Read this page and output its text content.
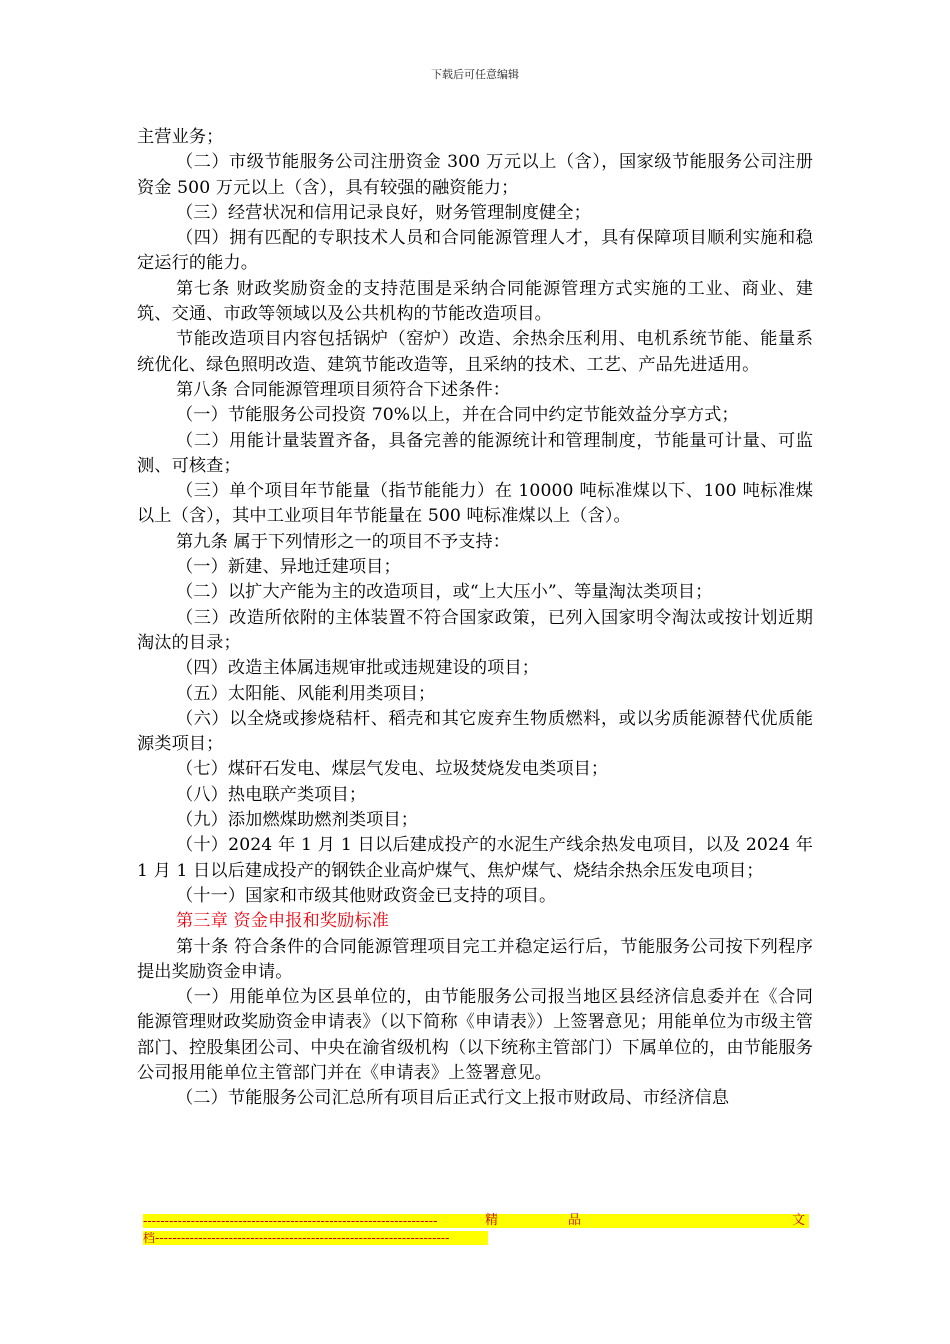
下载后可任意编辑

主营业务；

（二）市级节能服务公司注册资金 300 万元以上（含），国家级节能服务公司注册资金 500 万元以上（含），具有较强的融资能力；

（三）经营状况和信用记录良好，财务管理制度健全；

（四）拥有匹配的专职技术人员和合同能源管理人才，具有保障项目顺利实施和稳定运行的能力。

第七条 财政奖励资金的支持范围是采纳合同能源管理方式实施的工业、商业、建筑、交通、市政等领域以及公共机构的节能改造项目。

节能改造项目内容包括锅炉（窑炉）改造、余热余压利用、电机系统节能、能量系统优化、绿色照明改造、建筑节能改造等，且采纳的技术、工艺、产品先进适用。

第八条 合同能源管理项目须符合下述条件：

（一）节能服务公司投资 70%以上，并在合同中约定节能效益分享方式；

（二）用能计量装置齐备，具备完善的能源统计和管理制度，节能量可计量、可监测、可核查；

（三）单个项目年节能量（指节能能力）在 10000 吨标准煤以下、100 吨标准煤以上（含），其中工业项目年节能量在 500 吨标准煤以上（含）。

第九条 属于下列情形之一的项目不予支持：

（一）新建、异地迁建项目；

（二）以扩大产能为主的改造项目，或“上大压小”、等量淘汰类项目；

（三）改造所依附的主体装置不符合国家政策，已列入国家明令淘汰或按计划近期淘汰的目录；

（四）改造主体属违规审批或违规建设的项目；

（五）太阳能、风能利用类项目；

（六）以全烧或掺烧秸杆、稻壳和其它废弃生物质燃料，或以劣质能源替代优质能源类项目；

（七）煤矸石发电、煤层气发电、垃圾焚烧发电类项目；

（八）热电联产类项目；

（九）添加燃煤助燃剂类项目；

（十）2024 年 1 月 1 日以后建成投产的水泥生产线余热发电项目，以及 2024 年 1 月 1 日以后建成投产的钢铁企业高炉煤气、焦炉煤气、烧结余热余压发电项目；

（十一）国家和市级其他财政资金已支持的项目。

第三章 资金申报和奖励标准

第十条 符合条件的合同能源管理项目完工并稳定运行后，节能服务公司按下列程序提出奖励资金申请。

（一）用能单位为区县单位的，由节能服务公司报当地区县经济信息委并在《合同能源管理财政奖励资金申请表》（以下简称《申请表》）上签署意见；用能单位为市级主管部门、控股集团公司、中央在渝省级机构（以下统称主管部门）下属单位的，由节能服务公司报用能单位主管部门并在《申请表》上签署意见。

（二）节能服务公司汇总所有项目后正式行文上报市财政局、市经济信息

--------------------------------------------------------------------	精	品	文
档--------------------------------------------------------------------
